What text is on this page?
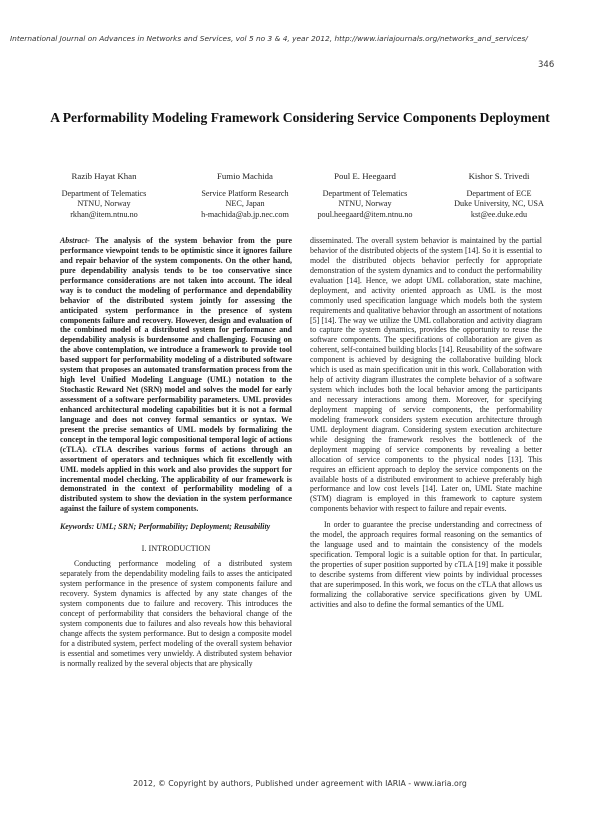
International Journal on Advances in Networks and Services, vol 5 no 3 & 4, year 2012, http://www.iariajournals.org/networks_and_services/
346
A Performability Modeling Framework Considering Service Components Deployment
Razib Hayat Khan
Department of Telematics
NTNU, Norway
rkhan@item.ntnu.no
Fumio Machida
Service Platform Research
NEC, Japan
h-machida@ab.jp.nec.com
Poul E. Heegaard
Department of Telematics
NTNU, Norway
poul.heegaard@item.ntnu.no
Kishor S. Trivedi
Department of ECE
Duke University, NC, USA
kst@ee.duke.edu

Abstract- The analysis of the system behavior from the pure performance viewpoint tends to be optimistic since it ignores failure and repair behavior of the system components. On the other hand, pure dependability analysis tends to be too conservative since performance considerations are not taken into account. The ideal way is to conduct the modeling of performance and dependability behavior of the distributed system jointly for assessing the anticipated system performance in the presence of system components failure and recovery. However, design and evaluation of the combined model of a distributed system for performance and dependability analysis is burdensome and challenging. Focusing on the above contemplation, we introduce a framework to provide tool based support for performability modeling of a distributed software system that proposes an automated transformation process from the high level Unified Modeling Language (UML) notation to the Stochastic Reward Net (SRN) model and solves the model for early assessment of a software performability parameters. UML provides enhanced architectural modeling capabilities but it is not a formal language and does not convey formal semantics or syntax. We present the precise semantics of UML models by formalizing the concept in the temporal logic compositional temporal logic of actions (cTLA). cTLA describes various forms of actions through an assortment of operators and techniques which fit excellently with UML models applied in this work and also provides the support for incremental model checking. The applicability of our framework is demonstrated in the context of performability modeling of a distributed system to show the deviation in the system performance against the failure of system components.

Keywords: UML; SRN; Performability; Deployment; Reusability

I. INTRODUCTION

Conducting performance modeling of a distributed system separately from the dependability modeling fails to asses the anticipated system performance in the presence of system components failure and recovery. System dynamics is affected by any state changes of the system components due to failure and recovery. This introduces the concept of performability that considers the behavioral change of the system components due to failures and also reveals how this behavioral change affects the system performance. But to design a composite model for a distributed system, perfect modeling of the overall system behavior is essential and sometimes very unwieldy. A distributed system behavior is normally realized by the several objects that are physically

disseminated. The overall system behavior is maintained by the partial behavior of the distributed objects of the system [14]. So it is essential to model the distributed objects behavior perfectly for appropriate demonstration of the system dynamics and to conduct the performability evaluation [14]. Hence, we adopt UML collaboration, state machine, deployment, and activity oriented approach as UML is the most commonly used specification language which models both the system requirements and qualitative behavior through an assortment of notations [5] [14]. The way we utilize the UML collaboration and activity diagram to capture the system dynamics, provides the opportunity to reuse the software components. The specifications of collaboration are given as coherent, self-contained building blocks [14]. Reusability of the software component is achieved by designing the collaborative building block which is used as main specification unit in this work. Collaboration with help of activity diagram illustrates the complete behavior of a software system which includes both the local behavior among the participants and necessary interactions among them. Moreover, for specifying deployment mapping of service components, the performability modeling framework considers system execution architecture through UML deployment diagram. Considering system execution architecture while designing the framework resolves the bottleneck of the deployment mapping of service components by revealing a better allocation of service components to the physical nodes [13]. This requires an efficient approach to deploy the service components on the available hosts of a distributed environment to achieve preferably high performance and low cost levels [14]. Later on, UML State machine (STM) diagram is employed in this framework to capture system components behavior with respect to failure and repair events.

In order to guarantee the precise understanding and correctness of the model, the approach requires formal reasoning on the semantics of the language used and to maintain the consistency of the models specification. Temporal logic is a suitable option for that. In particular, the properties of super position supported by cTLA [19] make it possible to describe systems from different view points by individual processes that are superimposed. In this work, we focus on the cTLA that allows us formalizing the collaborative service specifications given by UML activities and also to define the formal semantics of the UML

2012, © Copyright by authors, Published under agreement with IARIA - www.iaria.org
